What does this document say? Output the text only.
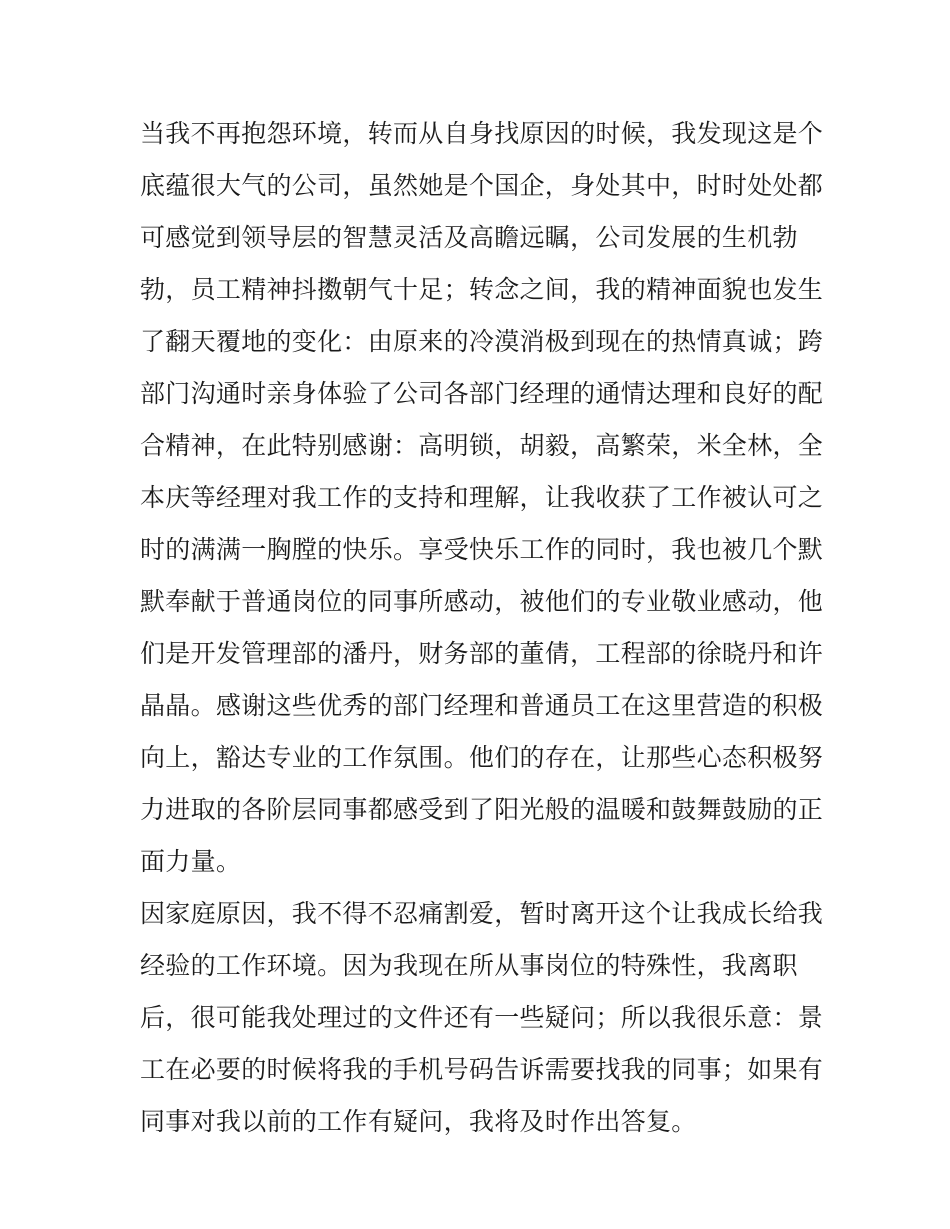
当我不再抱怨环境，转而从自身找原因的时候，我发现这是个
底蕴很大气的公司，虽然她是个国企，身处其中，时时处处都
可感觉到领导层的智慧灵活及高瞻远瞩，公司发展的生机勃
勃，员工精神抖擞朝气十足；转念之间，我的精神面貌也发生
了翻天覆地的变化：由原来的冷漠消极到现在的热情真诚；跨
部门沟通时亲身体验了公司各部门经理的通情达理和良好的配
合精神，在此特别感谢：高明锁，胡毅，高繁荣，米全林，全
本庆等经理对我工作的支持和理解，让我收获了工作被认可之
时的满满一胸膛的快乐。享受快乐工作的同时，我也被几个默
默奉献于普通岗位的同事所感动，被他们的专业敬业感动，他
们是开发管理部的潘丹，财务部的董倩，工程部的徐晓丹和许
晶晶。感谢这些优秀的部门经理和普通员工在这里营造的积极
向上，豁达专业的工作氛围。他们的存在，让那些心态积极努
力进取的各阶层同事都感受到了阳光般的温暖和鼓舞鼓励的正
面力量。
因家庭原因，我不得不忍痛割爱，暂时离开这个让我成长给我
经验的工作环境。因为我现在所从事岗位的特殊性，我离职
后，很可能我处理过的文件还有一些疑问；所以我很乐意：景
工在必要的时候将我的手机号码告诉需要找我的同事；如果有
同事对我以前的工作有疑问，我将及时作出答复。
